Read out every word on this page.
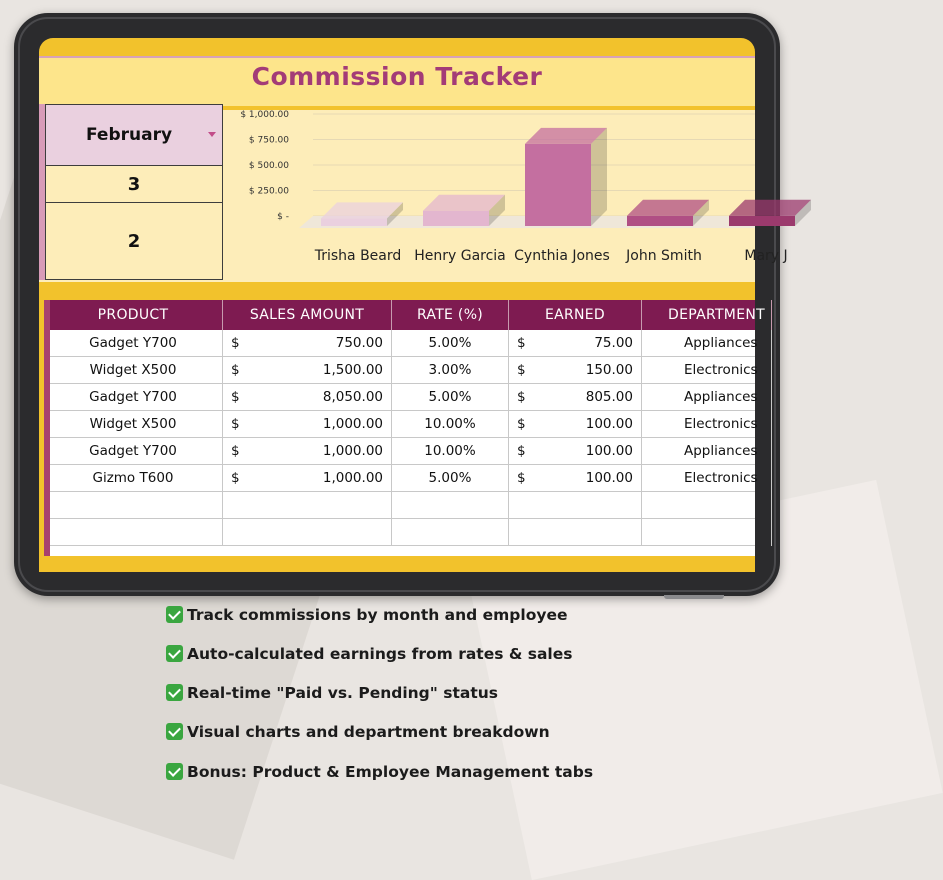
Commission Tracker
February
3
2
$ 1,000.00
$ 750.00
$ 500.00
$ 250.00
$ -
Trisha Beard Henry Garcia Cynthia Jones John Smith	Mary J
PRODUCT	SALES AMOUNT	RATE (%)	EARNED	DEPARTMENT
Gadget Y700	$	750.00	5.00%	$	75.00	Appliances
Widget X500	$	1,500.00	3.00%	$	150.00	Electronics
Gadget Y700	$	8,050.00	5.00%	$	805.00	Appliances
Widget X500	$	1,000.00	10.00%	$	100.00	Electronics
Gadget Y700	$	1,000.00	10.00%	$	100.00	Appliances
Gizmo T600	$	1,000.00	5.00%	$	100.00	Electronics
Track commissions by month and employee
Auto-calculated earnings from rates & sales
Real-time "Paid vs. Pending" status
Visual charts and department breakdown
Bonus: Product & Employee Management tabs
